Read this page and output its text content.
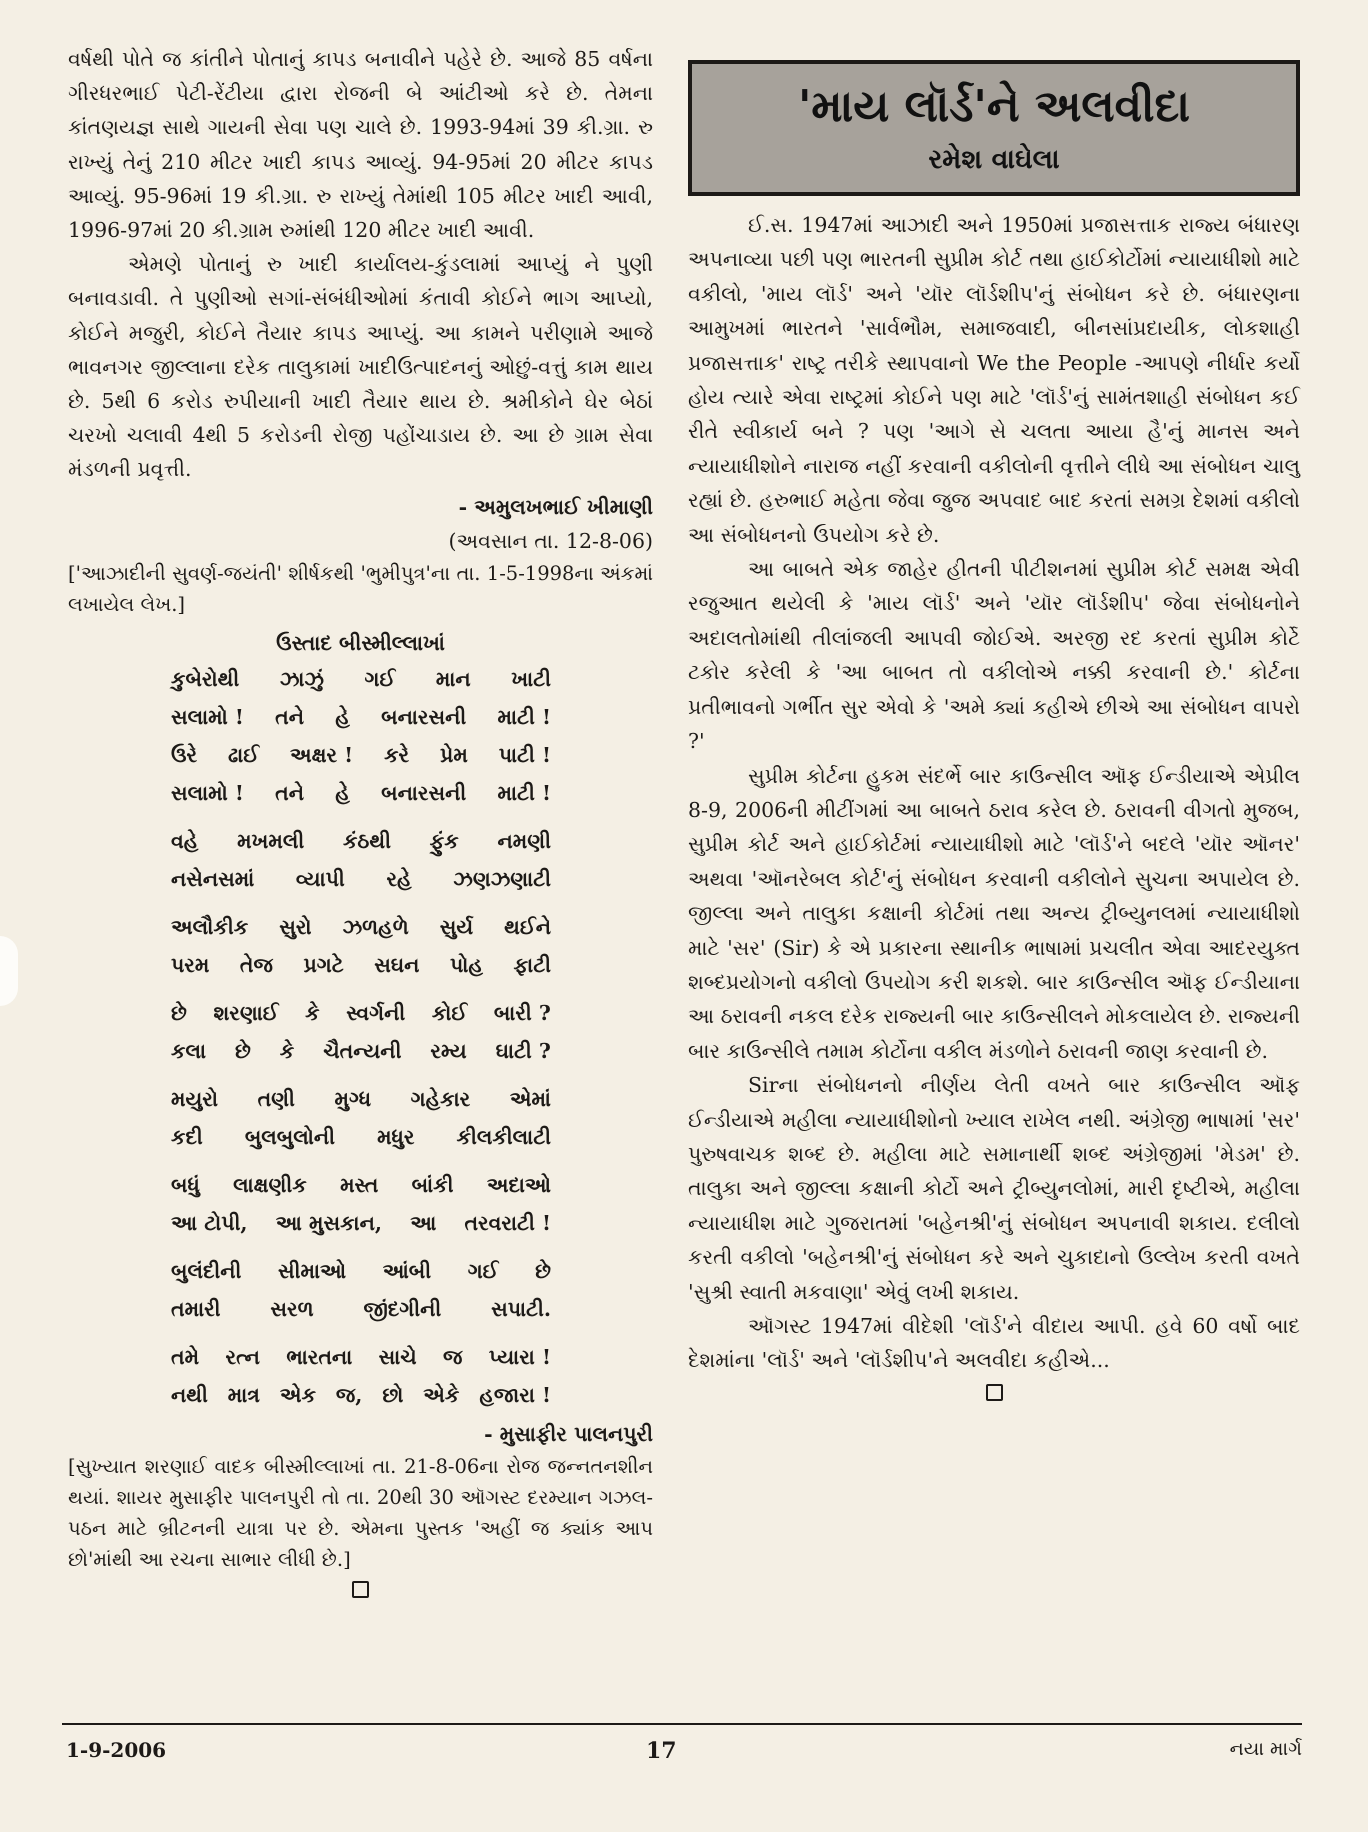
વર્ષથી પોતે જ કાંતીને પોતાનું કાપડ બનાવીને પહેરે છે. આજે 85 વર્ષના ગીરધરભાઈ પેટી-રેંટીયા દ્વારા રોજની બે આંટીઓ કરે છે. તેમના કાંતણયજ્ઞ સાથે ગાયની સેવા પણ ચાલે છે. 1993-94માં 39 કી.ગ્રા. રુ રાખ્યું તેનું 210 મીટર ખાદી કાપડ આવ્યું. 94-95માં 20 મીટર કાપડ આવ્યું. 95-96માં 19 કી.ગ્રા. રુ રાખ્યું તેમાંથી 105 મીટર ખાદી આવી, 1996-97માં 20 કી.ગ્રામ રુમાંથી 120 મીટર ખાદી આવી.

એમણે પોતાનું રુ ખાદી કાર્યાલય-કુંડલામાં આપ્યું ને પુણી બનાવડાવી. તે પુણીઓ સગાં-સંબંધીઓમાં કંતાવી કોઈને ભાગ આપ્યો, કોઈને મજુરી, કોઈને તૈયાર કાપડ આપ્યું. આ કામને પરીણામે આજે ભાવનગર જીલ્લાના દરેક તાલુકામાં ખાદીઉત્પાદનનું ઓછું-વત્તું કામ થાય છે. 5થી 6 કરોડ રુપીયાની ખાદી તૈયાર થાય છે. શ્રમીકોને ઘેર બેઠાં ચરખો ચલાવી 4થી 5 કરોડની રોજી પહોંચાડાય છે. આ છે ગ્રામ સેવા મંડળની પ્રવૃત્તી.

- અમુલખભાઈ ખીમાણી
(અવસાન તા. 12-8-06)

['આઝાદીની સુવર્ણ-જયંતી' શીર્ષકથી 'ભુમીપુત્ર'ના તા. 1-5-1998ના અંકમાં લખાયેલ લેખ.]

ઉસ્તાદ બીસ્મીલ્લાખાં
કુબેરોથી ઝાઝું ગઈ માન ખાટી
સલામો ! તને હે બનારસની માટી !
ઉરે ઢાઈ અક્ષર ! કરે પ્રેમ પાટી !
સલામો ! તને હે બનારસની માટી !
વહે મખમલી કંઠથી ફુંક નમણી
નસેનસમાં વ્યાપી રહે ઝણઝણાટી
અલૌકીક સુરો ઝળહળે સુર્ય થઈને
પરમ તેજ પ્રગટે સઘન પોહ ફાટી
છે શરણાઈ કે સ્વર્ગની કોઈ બારી ?
કલા છે કે ચૈતન્યની રમ્ય ઘાટી ?
મયુરો તણી મુગ્ધ ગહેકાર એમાં
કદી બુલબુલોની મધુર કીલકીલાટી
બધું લાક્ષણીક મસ્ત બાંકી અદાઓ
આ ટોપી, આ મુસકાન, આ તરવરાટી !
બુલંદીની સીમાઓ આંબી ગઈ છે
તમારી સરળ જીંદગીની સપાટી.
તમે રત્ન ભારતના સાચે જ પ્યારા !
નથી માત્ર એક જ, છો એકે હજારા !
- મુસાફીર પાલનપુરી

[સુખ્યાત શરણાઈ વાદક બીસ્મીલ્લાખાં તા. 21-8-06ના રોજ જન્નતનશીન થયાં. શાયર મુસાફીર પાલનપુરી તો તા. 20થી 30 ઑગસ્ટ દરમ્યાન ગઝલ-પઠન માટે બ્રીટનની યાત્રા પર છે. એમના પુસ્તક 'અહીં જ ક્યાંક આપ છો'માંથી આ રચના સાભાર લીધી છે.]

'માય લૉર્ડ'ને અલવીદા
રમેશ વાઘેલા

ઈ.સ. 1947માં આઝાદી અને 1950માં પ્રજાસત્તાક રાજ્ય બંધારણ અપનાવ્યા પછી પણ ભારતની સુપ્રીમ કોર્ટ તથા હાઈકોર્ટોમાં ન્યાયાધીશો માટે વકીલો, 'માય લૉર્ડ' અને 'યૉર લૉર્ડશીપ'નું સંબોધન કરે છે. બંધારણના આમુખમાં ભારતને 'સાર્વભૌમ, સમાજવાદી, બીનસાંપ્રદાયીક, લોકશાહી પ્રજાસત્તાક' રાષ્ટ્ર તરીકે સ્થાપવાનો We the People -આપણે નીર્ધાર કર્યો હોય ત્યારે એવા રાષ્ટ્રમાં કોઈને પણ માટે 'લૉર્ડ'નું સામંતશાહી સંબોધન કઈ રીતે સ્વીકાર્ય બને ? પણ 'આગે સે ચલતા આયા હૈ'નું માનસ અને ન્યાયાધીશોને નારાજ નહીં કરવાની વકીલોની વૃત્તીને લીધે આ સંબોધન ચાલુ રહ્યાં છે. હરુભાઈ મહેતા જેવા જુજ અપવાદ બાદ કરતાં સમગ્ર દેશમાં વકીલો આ સંબોધનનો ઉપયોગ કરે છે.

આ બાબતે એક જાહેર હીતની પીટીશનમાં સુપ્રીમ કોર્ટ સમક્ષ એવી રજુઆત થયેલી કે 'માય લૉર્ડ' અને 'યૉર લૉર્ડશીપ' જેવા સંબોધનોને અદાલતોમાંથી તીલાંજલી આપવી જોઈએ. અરજી રદ કરતાં સુપ્રીમ કોર્ટે ટકોર કરેલી કે 'આ બાબત તો વકીલોએ નક્કી કરવાની છે.' કોર્ટના પ્રતીભાવનો ગર્ભીત સુર એવો કે 'અમે ક્યાં કહીએ છીએ આ સંબોધન વાપરો ?'

સુપ્રીમ કોર્ટના હુકમ સંદર્ભે બાર કાઉન્સીલ ઑફ ઈન્ડીયાએ એપ્રીલ 8-9, 2006ની મીટીંગમાં આ બાબતે ઠરાવ કરેલ છે. ઠરાવની વીગતો મુજબ, સુપ્રીમ કોર્ટ અને હાઈકોર્ટમાં ન્યાયાધીશો માટે 'લૉર્ડ'ને બદલે 'યૉર ઑનર' અથવા 'ઑનરેબલ કોર્ટ'નું સંબોધન કરવાની વકીલોને સુચના અપાયેલ છે. જીલ્લા અને તાલુકા કક્ષાની કોર્ટમાં તથા અન્ય ટ્રીબ્યુનલમાં ન્યાયાધીશો માટે 'સર' (Sir) કે એ પ્રકારના સ્થાનીક ભાષામાં પ્રચલીત એવા આદરયુક્ત શબ્દપ્રયોગનો વકીલો ઉપયોગ કરી શકશે. બાર કાઉન્સીલ ઑફ ઈન્ડીયાના આ ઠરાવની નકલ દરેક રાજ્યની બાર કાઉન્સીલને મોકલાયેલ છે. રાજ્યની બાર કાઉન્સીલે તમામ કોર્ટોના વકીલ મંડળોને ઠરાવની જાણ કરવાની છે.

Sirના સંબોધનનો નીર્ણય લેતી વખતે બાર કાઉન્સીલ ઑફ ઈન્ડીયાએ મહીલા ન્યાયાધીશોનો ખ્યાલ રાખેલ નથી. અંગ્રેજી ભાષામાં 'સર' પુરુષવાચક શબ્દ છે. મહીલા માટે સમાનાર્થી શબ્દ અંગ્રેજીમાં 'મેડમ' છે. તાલુકા અને જીલ્લા કક્ષાની કોર્ટો અને ટ્રીબ્યુનલોમાં, મારી દૃષ્ટીએ, મહીલા ન્યાયાધીશ માટે ગુજરાતમાં 'બહેનશ્રી'નું સંબોધન અપનાવી શકાય. દલીલો કરતી વકીલો 'બહેનશ્રી'નું સંબોધન કરે અને ચુકાદાનો ઉલ્લેખ કરતી વખતે 'સુશ્રી સ્વાતી મકવાણા' એવું લખી શકાય.

ઑગસ્ટ 1947માં વીદેશી 'લૉર્ડ'ને વીદાય આપી. હવે 60 વર્ષો બાદ દેશમાંના 'લૉર્ડ' અને 'લૉર્ડશીપ'ને અલવીદા કહીએ...

1-9-2006	17	નયા માર્ગ
